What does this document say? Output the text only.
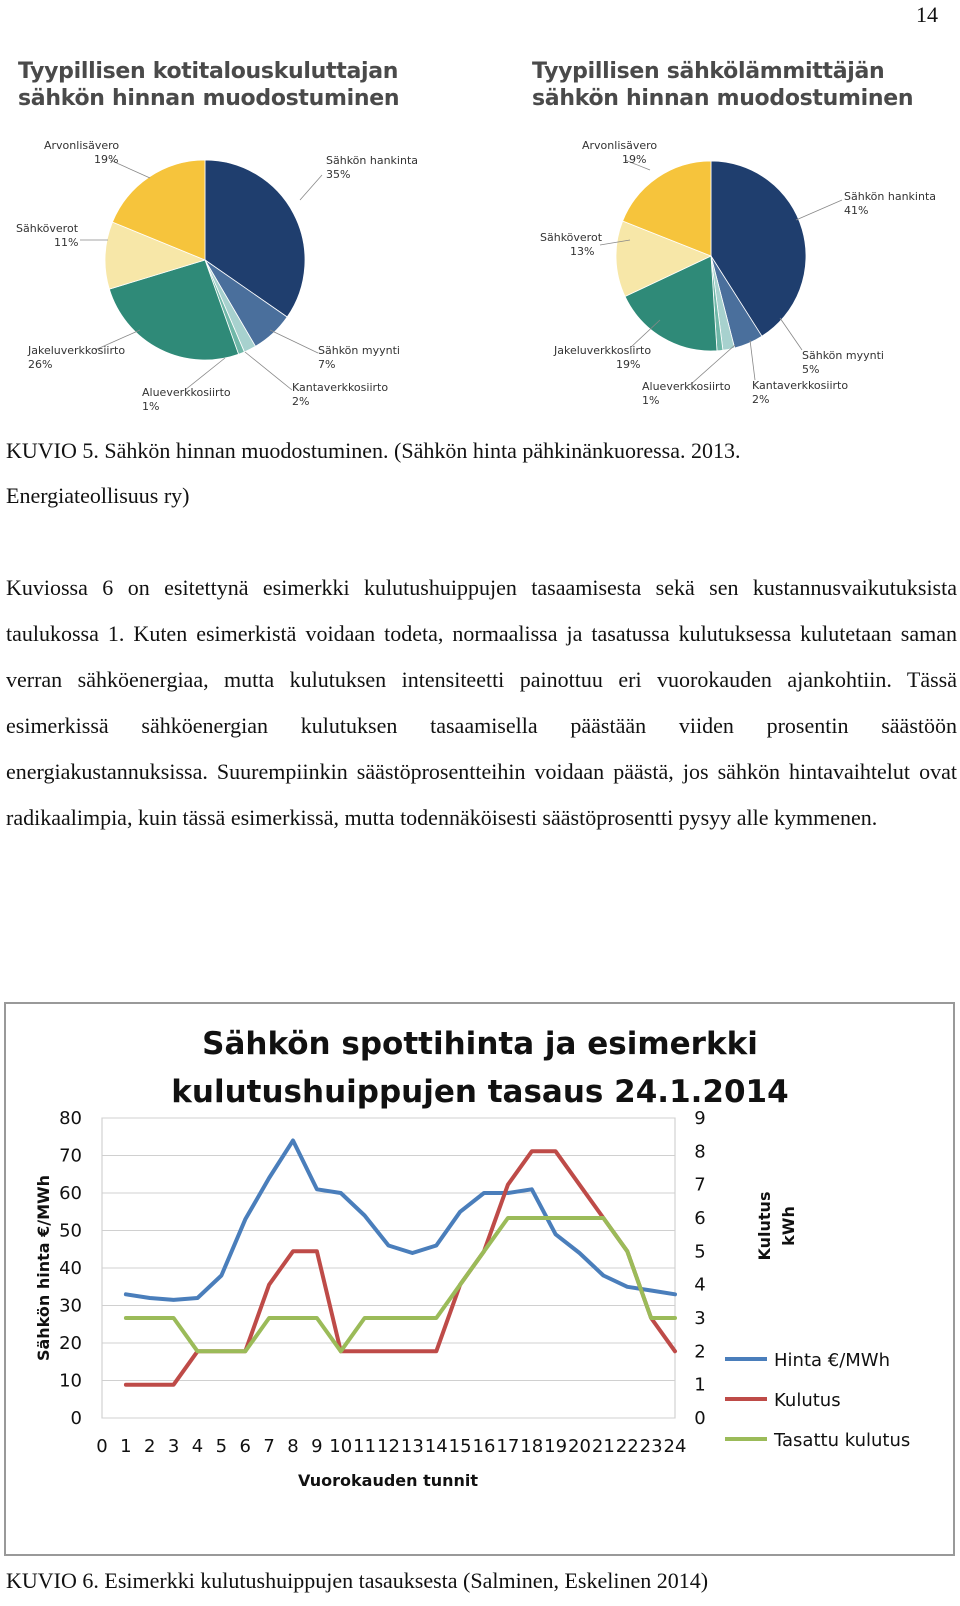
14
Tyypillisen kotitalouskuluttajan
sähkön hinnan muodostuminen
Arvonlisävero
19%	Sähkön hankinta
35%
Sähköverot
11%
Jakeluverkkosiirto
26%
Sähkön myynti
7%
Kantaverkkosiirto
2%
Alueverkkosiirto
1%
Tyypillisen sähkölämmittäjän
sähkön hinnan muodostuminen
Arvonlisävero
19%
Sähkön hankinta
41%
Sähköverot
13%
Jakeluverkkosiirto
19%
Sähkön myynti
5%
Kantaverkkosiirto
2%
Alueverkkosiirto
1%
KUVIO 5. Sähkön hinnan muodostuminen. (Sähkön hinta pähkinänkuoressa. 2013.
Energiateollisuus ry)
Kuviossa 6 on esitettynä esimerkki kulutushuippujen tasaamisesta sekä sen kustannusvaikutuksista taulukossa 1. Kuten esimerkistä voidaan todeta, normaalissa ja tasatussa kulutuksessa kulutetaan saman verran sähköenergiaa, mutta kulutuksen intensiteetti painottuu eri vuorokauden ajankohtiin. Tässä esimerkissä sähköenergian kulutuksen tasaamisella päästään viiden prosentin säästöön energiakustannuksissa. Suurempiinkin säästöprosentteihin voidaan päästä, jos sähkön hintavaihtelut ovat radikaalimpia, kuin tässä esimerkissä, mutta todennäköisesti säästöprosentti pysyy alle kymmenen.
Sähkön spottihinta ja esimerkki
kulutushuippujen tasaus 24.1.2014
0
10
20
30
40
50
60
70
80
0
1
2
3
4
5
6
7
8
9
0 1 2 3 4 5 6 7 8 9 10 11 12 13 14 15 16 17 18 19 20 21 22 23 24
Vuorokauden tunnit
Sähkön hinta €/MWh	Kulutus kWh
Hinta €/MWh
Kulutus
Tasattu kulutus
KUVIO 6. Esimerkki kulutushuippujen tasauksesta (Salminen, Eskelinen 2014)
